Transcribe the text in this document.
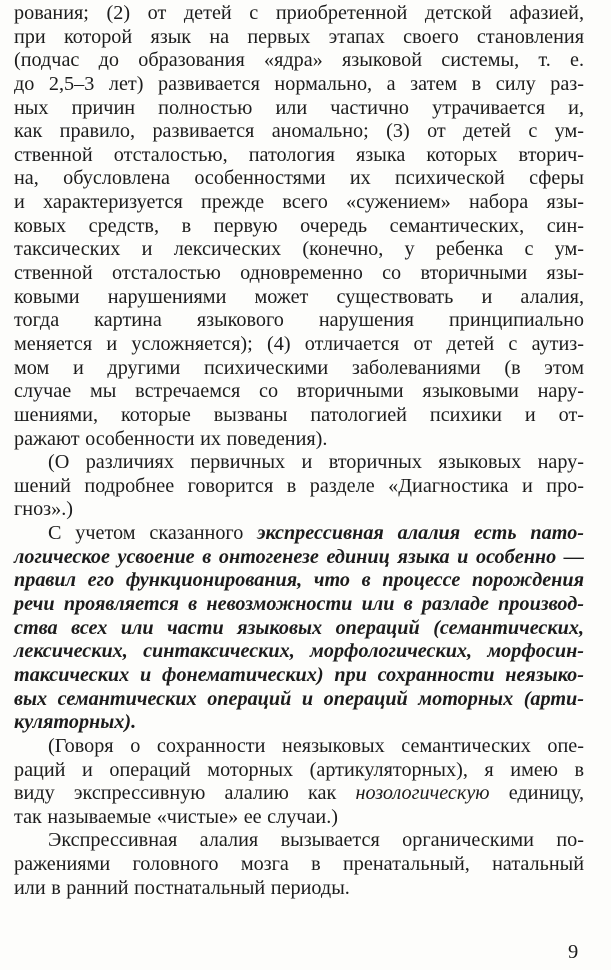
рования; (2) от детей с приобретенной детской афазией,
при которой язык на первых этапах своего становления
(подчас до образования «ядра» языковой системы, т. е.
до 2,5–3 лет) развивается нормально, а затем в силу раз-
ных причин полностью или частично утрачивается и,
как правило, развивается аномально; (3) от детей с ум-
ственной отсталостью, патология языка которых вторич-
на, обусловлена особенностями их психической сферы
и характеризуется прежде всего «сужением» набора язы-
ковых средств, в первую очередь семантических, син-
таксических и лексических (конечно, у ребенка с ум-
ственной отсталостью одновременно со вторичными язы-
ковыми нарушениями может существовать и алалия,
тогда картина языкового нарушения принципиально
меняется и усложняется); (4) отличается от детей с аутиз-
мом и другими психическими заболеваниями (в этом
случае мы встречаемся со вторичными языковыми нару-
шениями, которые вызваны патологией психики и от-
ражают особенности их поведения).
(О различиях первичных и вторичных языковых нару-
шений подробнее говорится в разделе «Диагностика и про-
гноз».)
С учетом сказанного экспрессивная алалия есть пато-
логическое усвоение в онтогенезе единиц языка и особенно —
правил его функционирования, что в процессе порождения
речи проявляется в невозможности или в разладе производ-
ства всех или части языковых операций (семантических,
лексических, синтаксических, морфологических, морфосин-
таксических и фонематических) при сохранности неязыко-
вых семантических операций и операций моторных (арти-
куляторных).
(Говоря о сохранности неязыковых семантических опе-
раций и операций моторных (артикуляторных), я имею в
виду экспрессивную алалию как нозологическую единицу,
так называемые «чистые» ее случаи.)
Экспрессивная алалия вызывается органическими по-
ражениями головного мозга в пренатальный, натальный
или в ранний постнатальный периоды.
9
